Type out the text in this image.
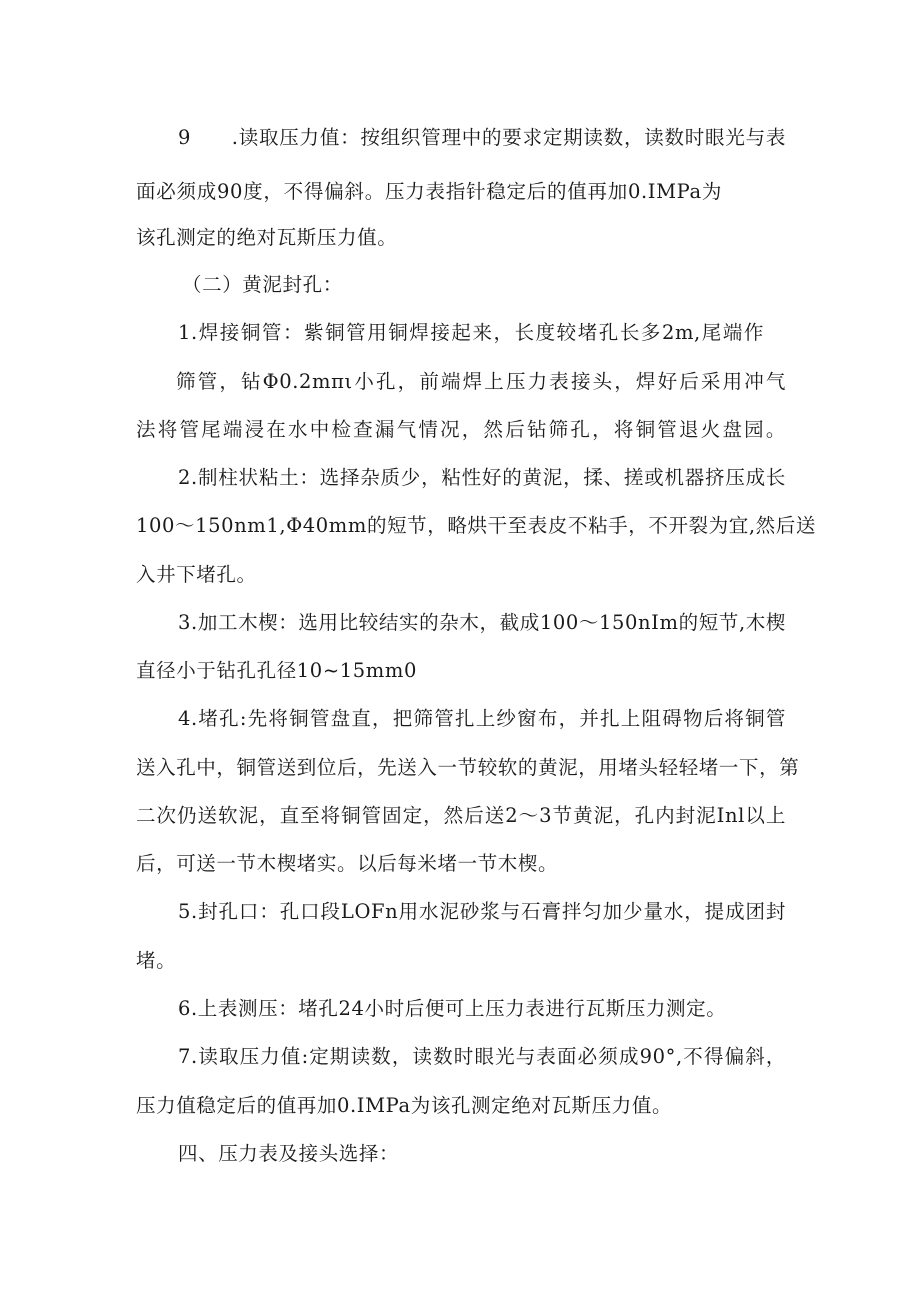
9　　.读取压力值：按组织管理中的要求定期读数，读数时眼光与表
面必须成90度，不得偏斜。压力表指针稳定后的值再加0.IMPa为
该孔测定的绝对瓦斯压力值。
（二）黄泥封孔：
1.焊接铜管：紫铜管用铜焊接起来，长度较堵孔长多2m,尾端作
筛管，钻Φ0.2mπι小孔，前端焊上压力表接头，焊好后采用冲气
法将管尾端浸在水中检查漏气情况，然后钻筛孔，将铜管退火盘园。
2.制柱状粘土：选择杂质少，粘性好的黄泥，揉、搓或机器挤压成长
100～150nm1,Φ40mm的短节，略烘干至表皮不粘手，不开裂为宜,然后送
入井下堵孔。
3.加工木楔：选用比较结实的杂木，截成100～150nIm的短节,木楔
直径小于钻孔孔径10~15mm0
4.堵孔:先将铜管盘直，把筛管扎上纱窗布，并扎上阻碍物后将铜管
送入孔中，铜管送到位后，先送入一节较软的黄泥，用堵头轻轻堵一下，第
二次仍送软泥，直至将铜管固定，然后送2～3节黄泥，孔内封泥Inl以上
后，可送一节木楔堵实。以后每米堵一节木楔。
5.封孔口：孔口段LOFn用水泥砂浆与石膏拌匀加少量水，提成团封
堵。
6.上表测压：堵孔24小时后便可上压力表进行瓦斯压力测定。
7.读取压力值:定期读数，读数时眼光与表面必须成90°,不得偏斜，
压力值稳定后的值再加0.IMPa为该孔测定绝对瓦斯压力值。
四、压力表及接头选择：
